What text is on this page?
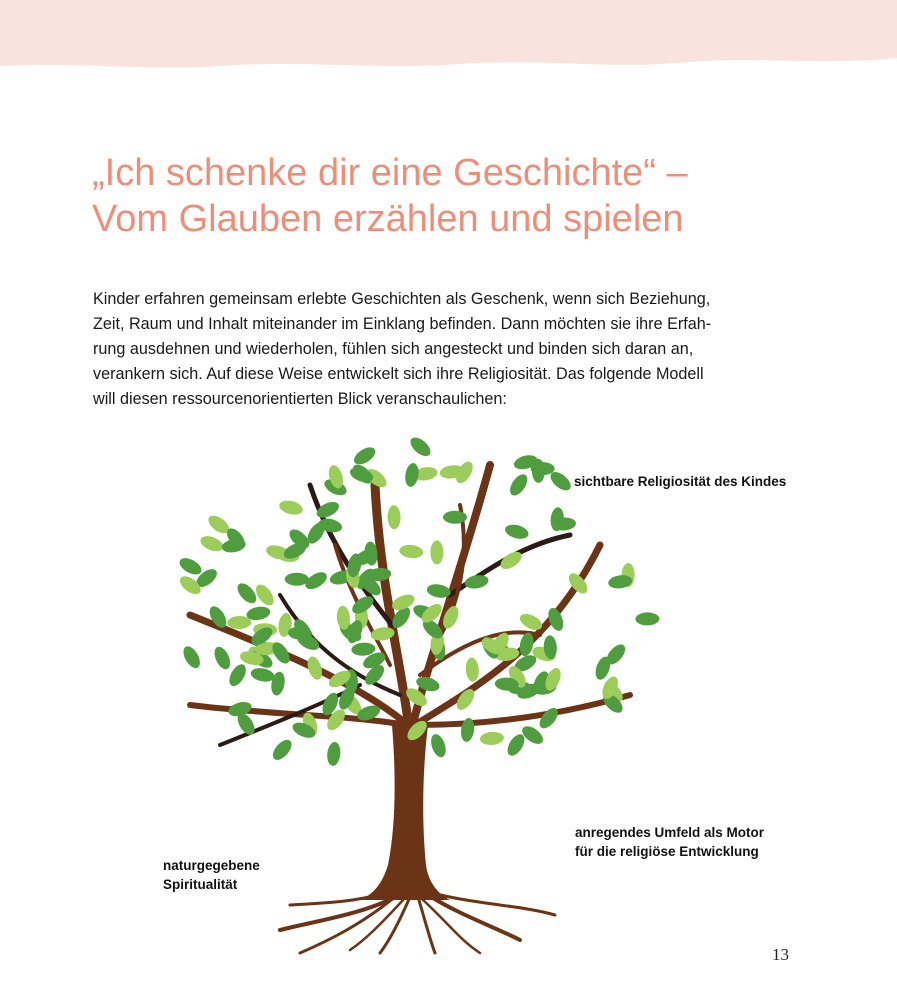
„Ich schenke dir eine Geschichte“ –
Vom Glauben erzählen und spielen

Kinder erfahren gemeinsam erlebte Geschichten als Geschenk, wenn sich Beziehung,
Zeit, Raum und Inhalt miteinander im Einklang befinden. Dann möchten sie ihre Erfah-
rung ausdehnen und wiederholen, fühlen sich angesteckt und binden sich daran an,
verankern sich. Auf diese Weise entwickelt sich ihre Religiosität. Das folgende Modell
will diesen ressourcenorientierten Blick veranschaulichen:

sichtbare Religiosität des Kindes
anregendes Umfeld als Motor
für die religiöse Entwicklung
naturgegebene
Spiritualität
13
